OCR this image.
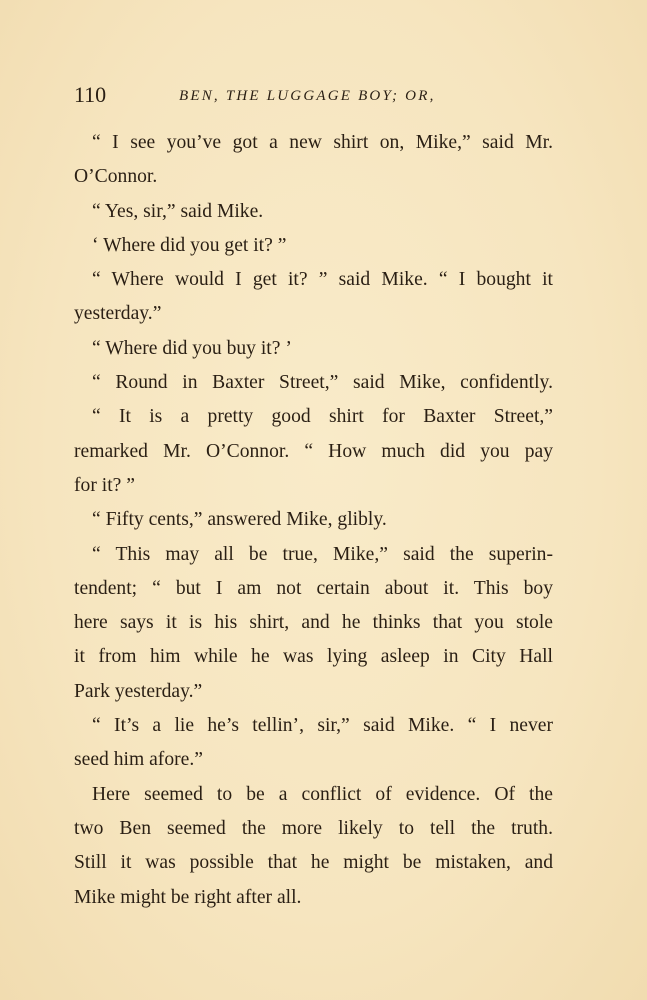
110	BEN, THE LUGGAGE BOY; OR,
“ I see you’ve got a new shirt on, Mike,” said Mr.
O’Connor.
“ Yes, sir,” said Mike.
‘ Where did you get it? ”
“ Where would I get it? ” said Mike. “ I bought it
yesterday.”
“ Where did you buy it? ’
“ Round in Baxter Street,” said Mike, confidently.
“ It is a pretty good shirt for Baxter Street,”
remarked Mr. O’Connor. “ How much did you pay
for it? ”
“ Fifty cents,” answered Mike, glibly.
“ This may all be true, Mike,” said the superin-
tendent; “ but I am not certain about it. This boy
here says it is his shirt, and he thinks that you stole
it from him while he was lying asleep in City Hall
Park yesterday.”
“ It’s a lie he’s tellin’, sir,” said Mike. “ I never
seed him afore.”
Here seemed to be a conflict of evidence. Of the
two Ben seemed the more likely to tell the truth.
Still it was possible that he might be mistaken, and
Mike might be right after all.
